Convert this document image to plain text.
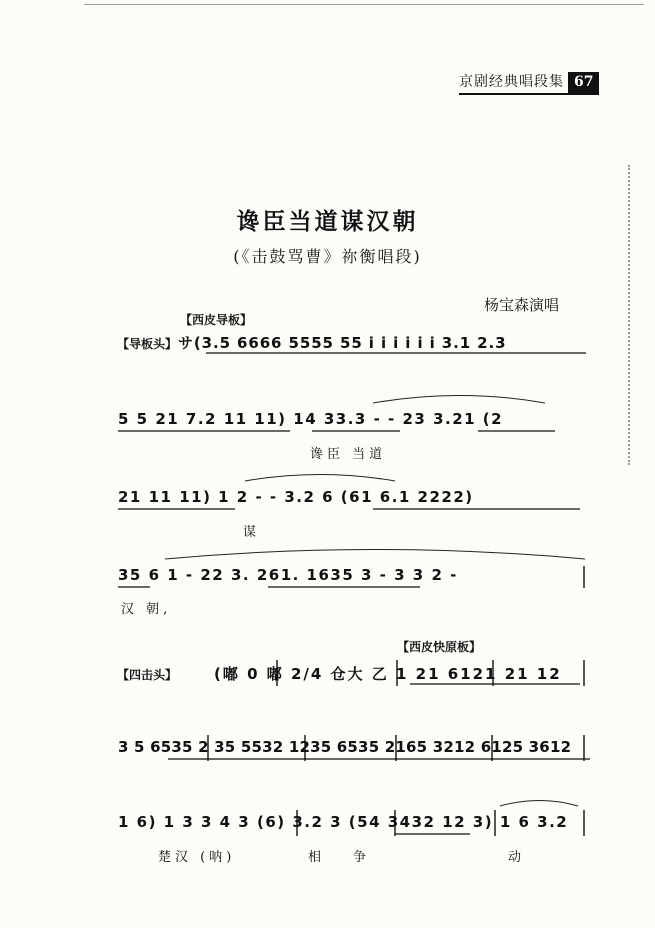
京剧经典唱段集 67
谗臣当道谋汉朝
(《击鼓骂曹》祢衡唱段)
杨宝森演唱
【西皮导板】
【导板头】
【四击头】
【西皮快原板】
サ(3.5 6666 5555 55 i i i i i i 3.1 2.3
5 5 21 7.2 11 11) 14 33.3 - - 23 3.21 (2
21 11 11) 1 2 - - 3.2 6 (61 6.1 2222)
35 6 1 - 22 3. 261. 1635 3 - 3 3 2 -
(嘟 0 嘟 2/4 仓大 乙 1 21 6121 21 12
3 5 6535 2 35 5532 1235 6535 2165 3212 6125 3612
1 6) 1 3 3 4 3 (6) 3.2 3 (54 3432 12 3) 1 6 3.2
谗臣 当道
谋
汉 朝,
楚汉 (呐)	相 争	动
